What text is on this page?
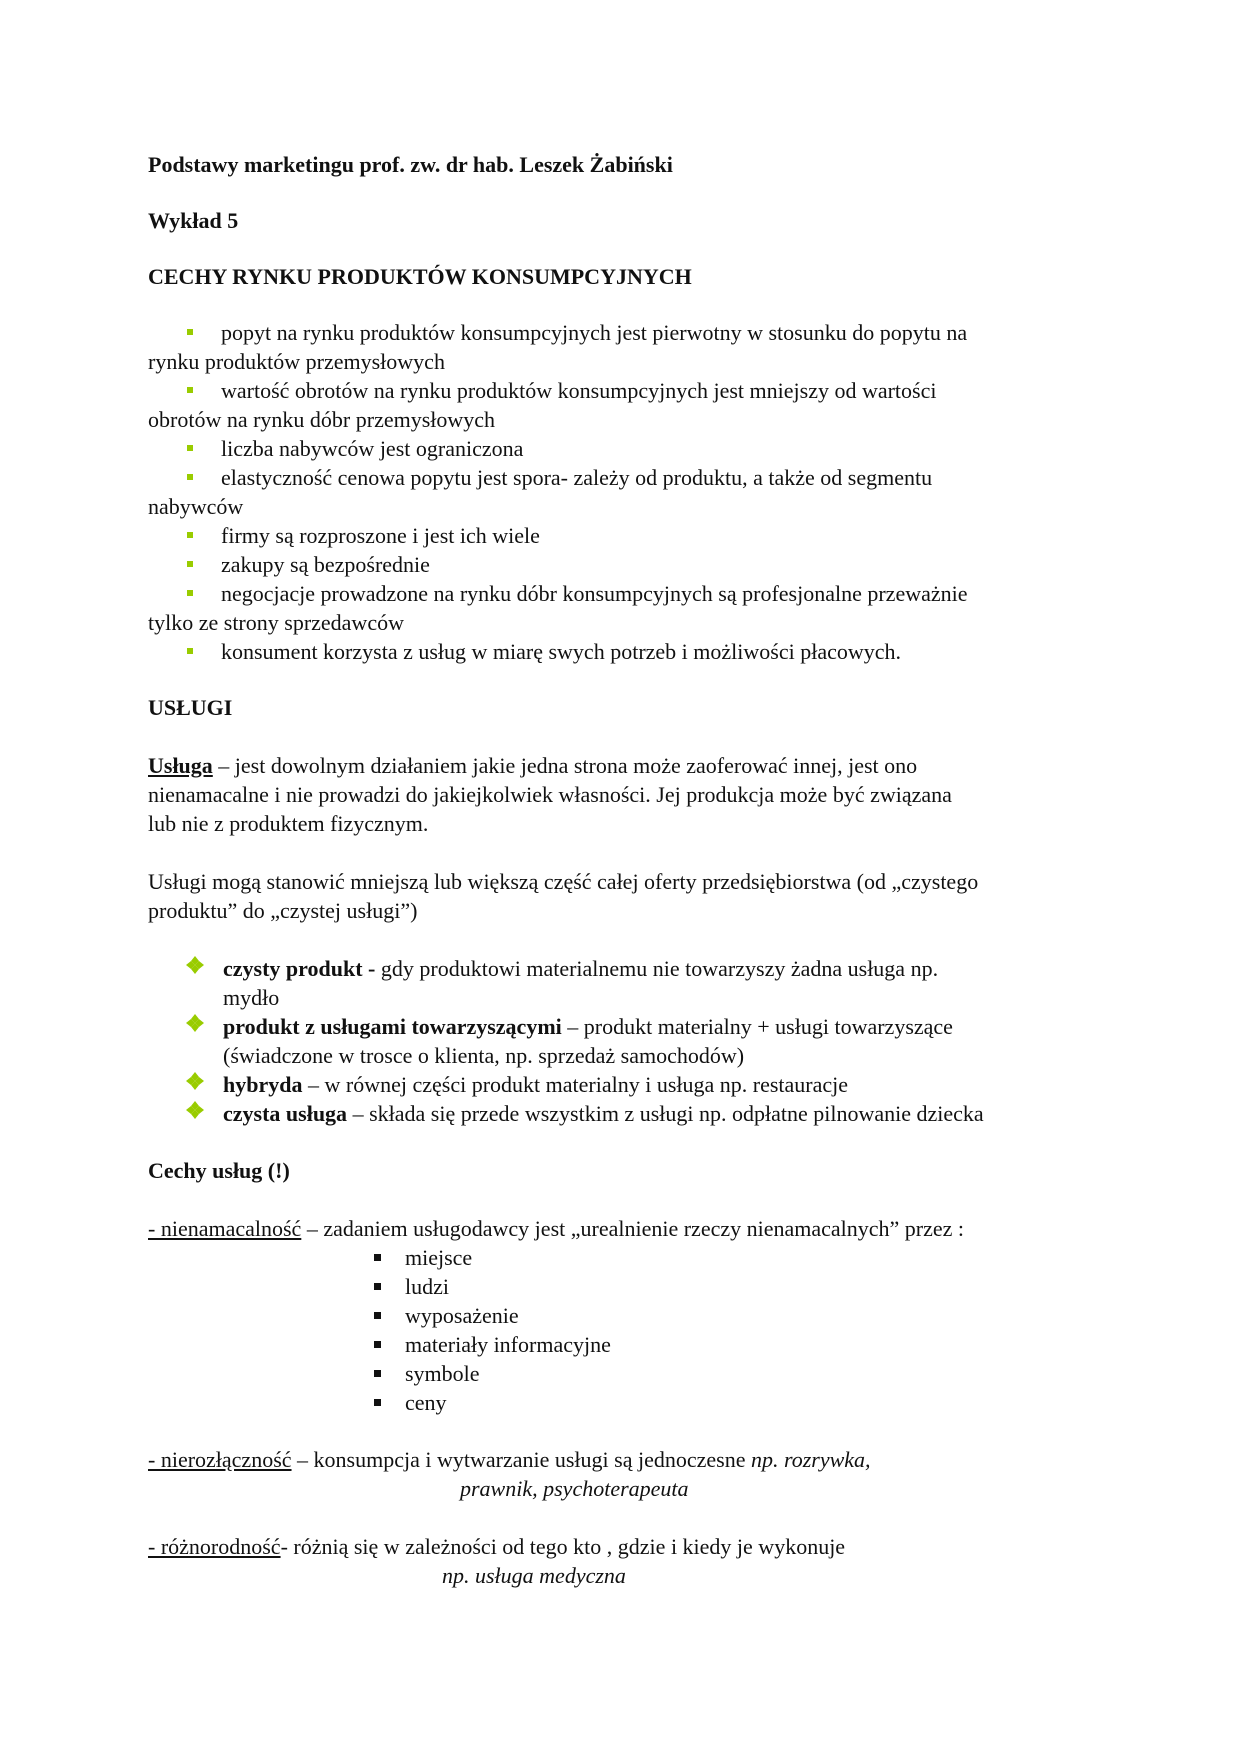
Podstawy marketingu prof. zw. dr hab. Leszek Żabiński
Wykład 5
CECHY RYNKU PRODUKTÓW KONSUMPCYJNYCH
popyt na rynku produktów konsumpcyjnych jest pierwotny w stosunku do popytu na
rynku produktów przemysłowych
wartość obrotów na rynku produktów konsumpcyjnych jest mniejszy od wartości
obrotów na rynku dóbr przemysłowych
liczba nabywców jest ograniczona
elastyczność cenowa popytu jest spora- zależy od produktu, a także od segmentu
nabywców
firmy są rozproszone i jest ich wiele
zakupy są bezpośrednie
negocjacje prowadzone na rynku dóbr konsumpcyjnych są profesjonalne przeważnie
tylko ze strony sprzedawców
konsument korzysta z usług w miarę swych potrzeb i możliwości płacowych.
USŁUGI
Usługa – jest dowolnym działaniem jakie jedna strona może zaoferować innej, jest ono
nienamacalne i nie prowadzi do jakiejkolwiek własności. Jej produkcja może być związana
lub nie z produktem fizycznym.
Usługi mogą stanowić mniejszą lub większą część całej oferty przedsiębiorstwa (od „czystego
produktu” do „czystej usługi”)
czysty produkt - gdy produktowi materialnemu nie towarzyszy żadna usługa np.
mydło
produkt z usługami towarzyszącymi – produkt materialny + usługi towarzyszące
(świadczone w trosce o klienta, np. sprzedaż samochodów)
hybryda – w równej części produkt materialny i usługa np. restauracje
czysta usługa – składa się przede wszystkim z usługi np. odpłatne pilnowanie dziecka
Cechy usług (!)
- nienamacalność – zadaniem usługodawcy jest „urealnienie rzeczy nienamacalnych” przez :
miejsce
ludzi
wyposażenie
materiały informacyjne
symbole
ceny
- nierozłączność – konsumpcja i wytwarzanie usługi są jednoczesne np. rozrywka,
prawnik, psychoterapeuta
- różnorodność- różnią się w zależności od tego kto , gdzie i kiedy je wykonuje
np. usługa medyczna
